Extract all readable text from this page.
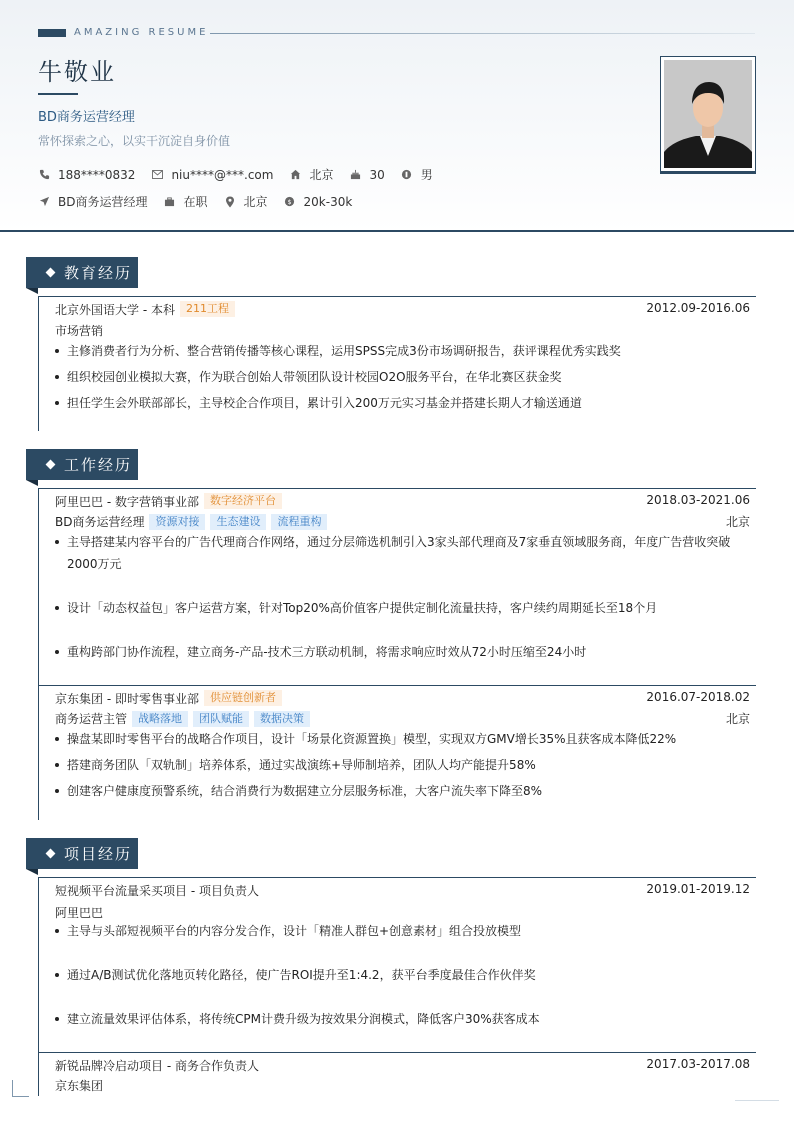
AMAZING RESUME
牛敬业
BD商务运营经理
常怀探索之心，以实干沉淀自身价值
188****0832	niu****@***.com	北京	30	男
BD商务运营经理	在职	北京	$ 20k-30k
教育经历
北京外国语大学 - 本科	211工程	2012.09-2016.06
市场营销
主修消费者行为分析、整合营销传播等核心课程，运用SPSS完成3份市场调研报告，获评课程优秀实践奖
组织校园创业模拟大赛，作为联合创始人带领团队设计校园O2O服务平台，在华北赛区获金奖
担任学生会外联部部长，主导校企合作项目，累计引入200万元实习基金并搭建长期人才输送通道
工作经历
阿里巴巴 - 数字营销事业部	数字经济平台	2018.03-2021.06
BD商务运营经理	资源对接	生态建设	流程重构	北京
主导搭建某内容平台的广告代理商合作网络，通过分层筛选机制引入3家头部代理商及7家垂直领域服务商，年度广告营收突破
2000万元
设计「动态权益包」客户运营方案，针对Top20%高价值客户提供定制化流量扶持，客户续约周期延长至18个月
重构跨部门协作流程，建立商务-产品-技术三方联动机制，将需求响应时效从72小时压缩至24小时
京东集团 - 即时零售事业部	供应链创新者	2016.07-2018.02
商务运营主管	战略落地	团队赋能	数据决策	北京
操盘某即时零售平台的战略合作项目，设计「场景化资源置换」模型，实现双方GMV增长35%且获客成本降低22%
搭建商务团队「双轨制」培养体系，通过实战演练+导师制培养，团队人均产能提升58%
创建客户健康度预警系统，结合消费行为数据建立分层服务标准，大客户流失率下降至8%
项目经历
短视频平台流量采买项目 - 项目负责人	2019.01-2019.12
阿里巴巴
主导与头部短视频平台的内容分发合作，设计「精准人群包+创意素材」组合投放模型
通过A/B测试优化落地页转化路径，使广告ROI提升至1:4.2，获平台季度最佳合作伙伴奖
建立流量效果评估体系，将传统CPM计费升级为按效果分润模式，降低客户30%获客成本
新锐品牌冷启动项目 - 商务合作负责人	2017.03-2017.08
京东集团
